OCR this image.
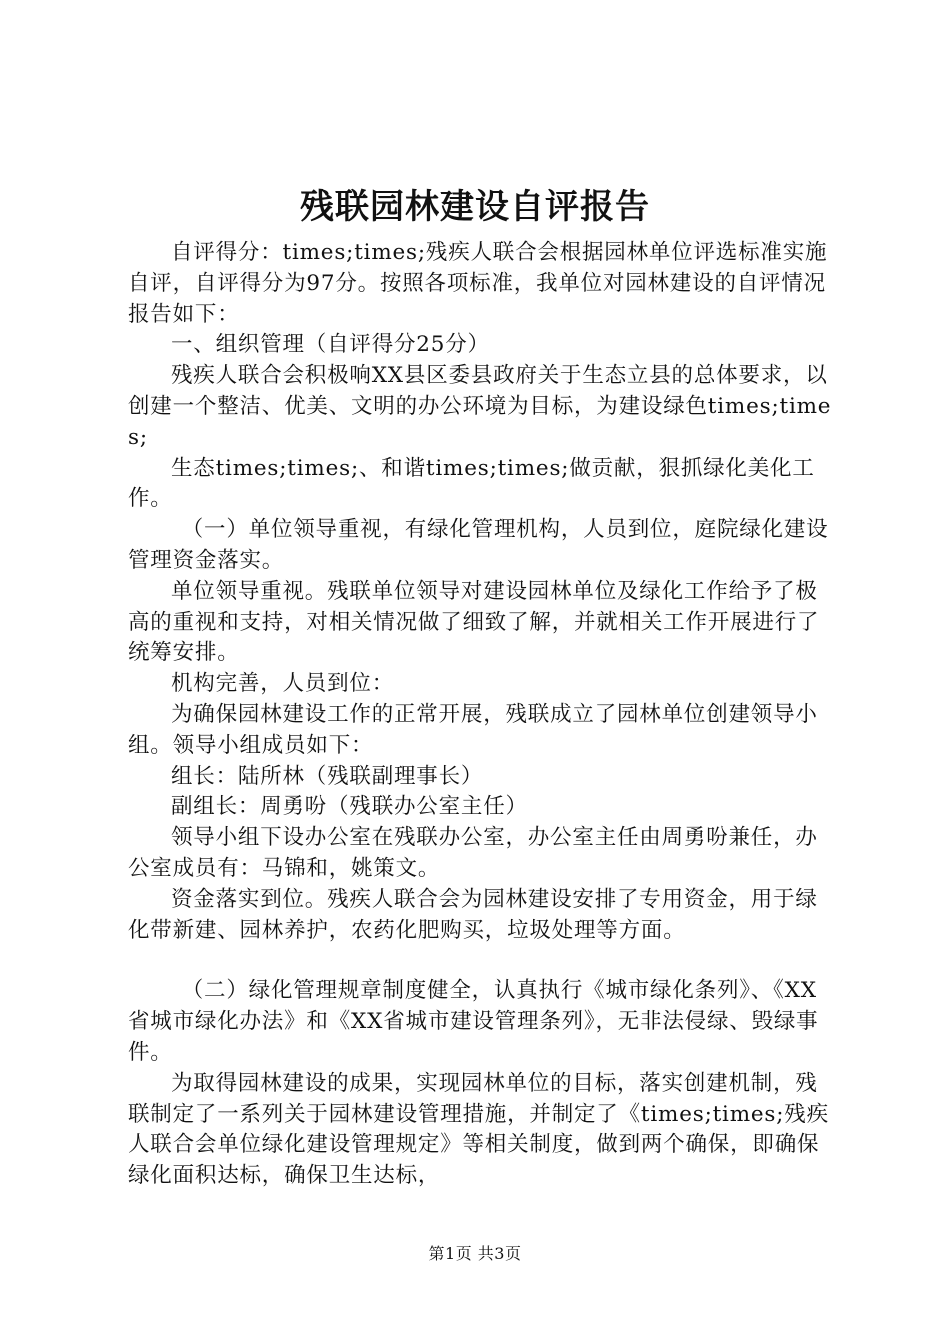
残联园林建设自评报告

自评得分：times;times;残疾人联合会根据园林单位评选标准实施自评，自评得分为97分。按照各项标准，我单位对园林建设的自评情况报告如下：

一、组织管理（自评得分25分）

残疾人联合会积极响XX县区委县政府关于生态立县的总体要求，以创建一个整洁、优美、文明的办公环境为目标，为建设绿色times;times;

生态times;times;、和谐times;times;做贡献，狠抓绿化美化工作。

（一）单位领导重视，有绿化管理机构，人员到位，庭院绿化建设管理资金落实。

单位领导重视。残联单位领导对建设园林单位及绿化工作给予了极高的重视和支持，对相关情况做了细致了解，并就相关工作开展进行了统筹安排。

机构完善，人员到位：

为确保园林建设工作的正常开展，残联成立了园林单位创建领导小组。领导小组成员如下：

组长：陆所林（残联副理事长）

副组长：周勇吩（残联办公室主任）

领导小组下设办公室在残联办公室，办公室主任由周勇吩兼任，办公室成员有：马锦和，姚策文。

资金落实到位。残疾人联合会为园林建设安排了专用资金，用于绿化带新建、园林养护，农药化肥购买，垃圾处理等方面。

（二）绿化管理规章制度健全，认真执行《城市绿化条列》、《XX省城市绿化办法》和《XX省城市建设管理条列》，无非法侵绿、毁绿事件。

为取得园林建设的成果，实现园林单位的目标，落实创建机制，残联制定了一系列关于园林建设管理措施，并制定了《times;times;残疾人联合会单位绿化建设管理规定》等相关制度，做到两个确保，即确保绿化面积达标，确保卫生达标，

第1页 共3页
